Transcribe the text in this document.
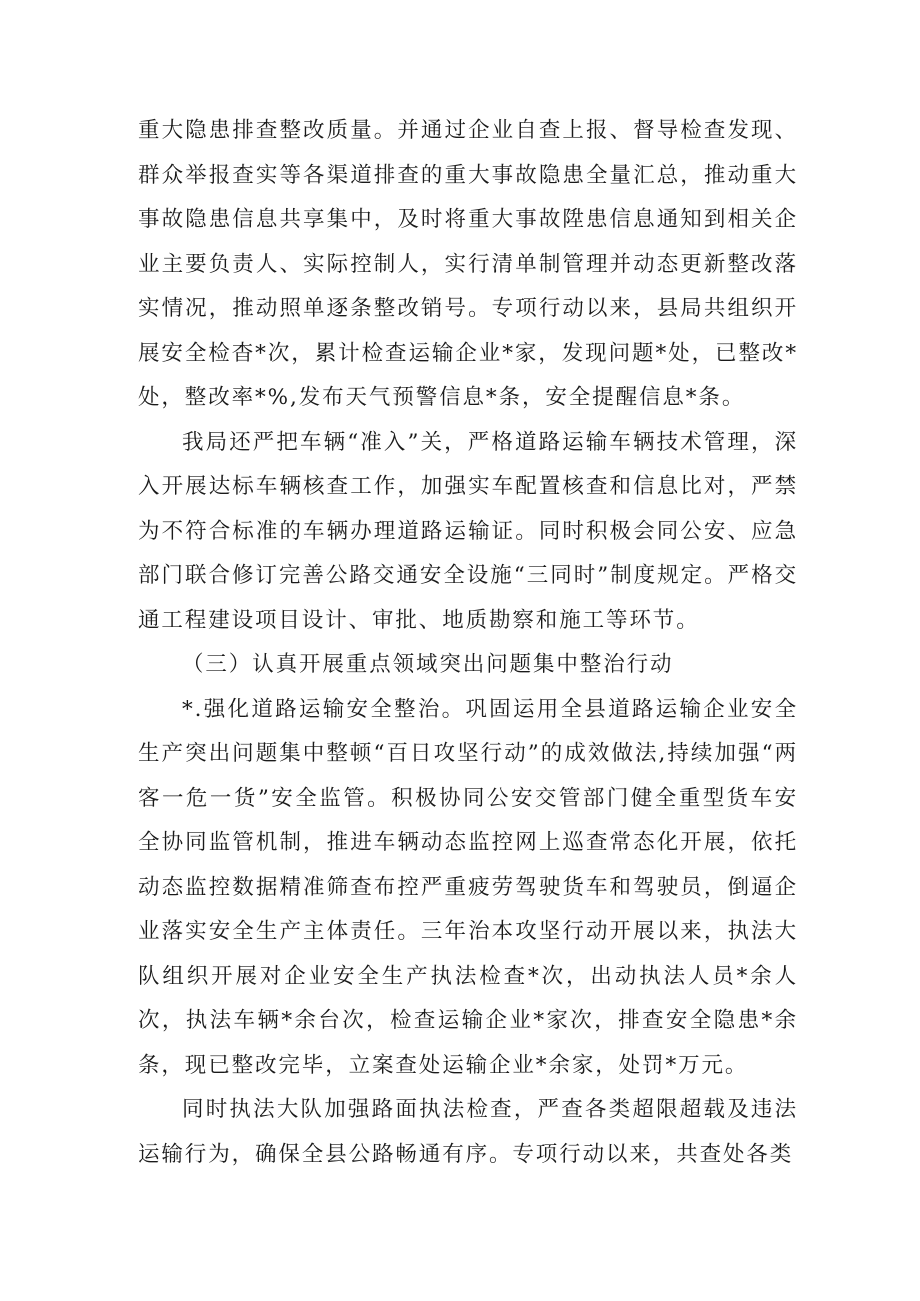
重大隐患排查整改质量。并通过企业自查上报、督导检查发现、群众举报查实等各渠道排查的重大事故隐患全量汇总，推动重大事故隐患信息共享集中，及时将重大事故陞患信息通知到相关企业主要负责人、实际控制人，实行清单制管理并动态更新整改落实情况，推动照单逐条整改销号。专项行动以来，县局共组织开展安全检杳*次，累计检查运输企业*家，发现问题*处，已整改*处，整改率*%,发布天气预警信息*条，安全提醒信息*条。

我局还严把车辆“准入”关，严格道路运输车辆技术管理，深入开展达标车辆核查工作，加强实车配置核查和信息比对，严禁为不符合标准的车辆办理道路运输证。同时积极会同公安、应急部门联合修订完善公路交通安全设施“三同时”制度规定。严格交通工程建设项目设计、审批、地质勘察和施工等环节。

（三）认真开展重点领域突出问题集中整治行动

*.强化道路运输安全整治。巩固运用全县道路运输企业安全生产突出问题集中整顿“百日攻坚行动”的成效做法,持续加强“两客一危一货”安全监管。积极协同公安交管部门健全重型货车安全协同监管机制，推进车辆动态监控网上巡查常态化开展，依托动态监控数据精准筛查布控严重疲劳驾驶货车和驾驶员，倒逼企业落实安全生产主体责任。三年治本攻坚行动开展以来，执法大队组织开展对企业安全生产执法检查*次，出动执法人员*余人次，执法车辆*余台次，检查运输企业*家次，排查安全隐患*余条，现已整改完毕，立案查处运输企业*余家，处罚*万元。

同时执法大队加强路面执法检查，严查各类超限超载及违法运输行为，确保全县公路畅通有序。专项行动以来，共查处各类
